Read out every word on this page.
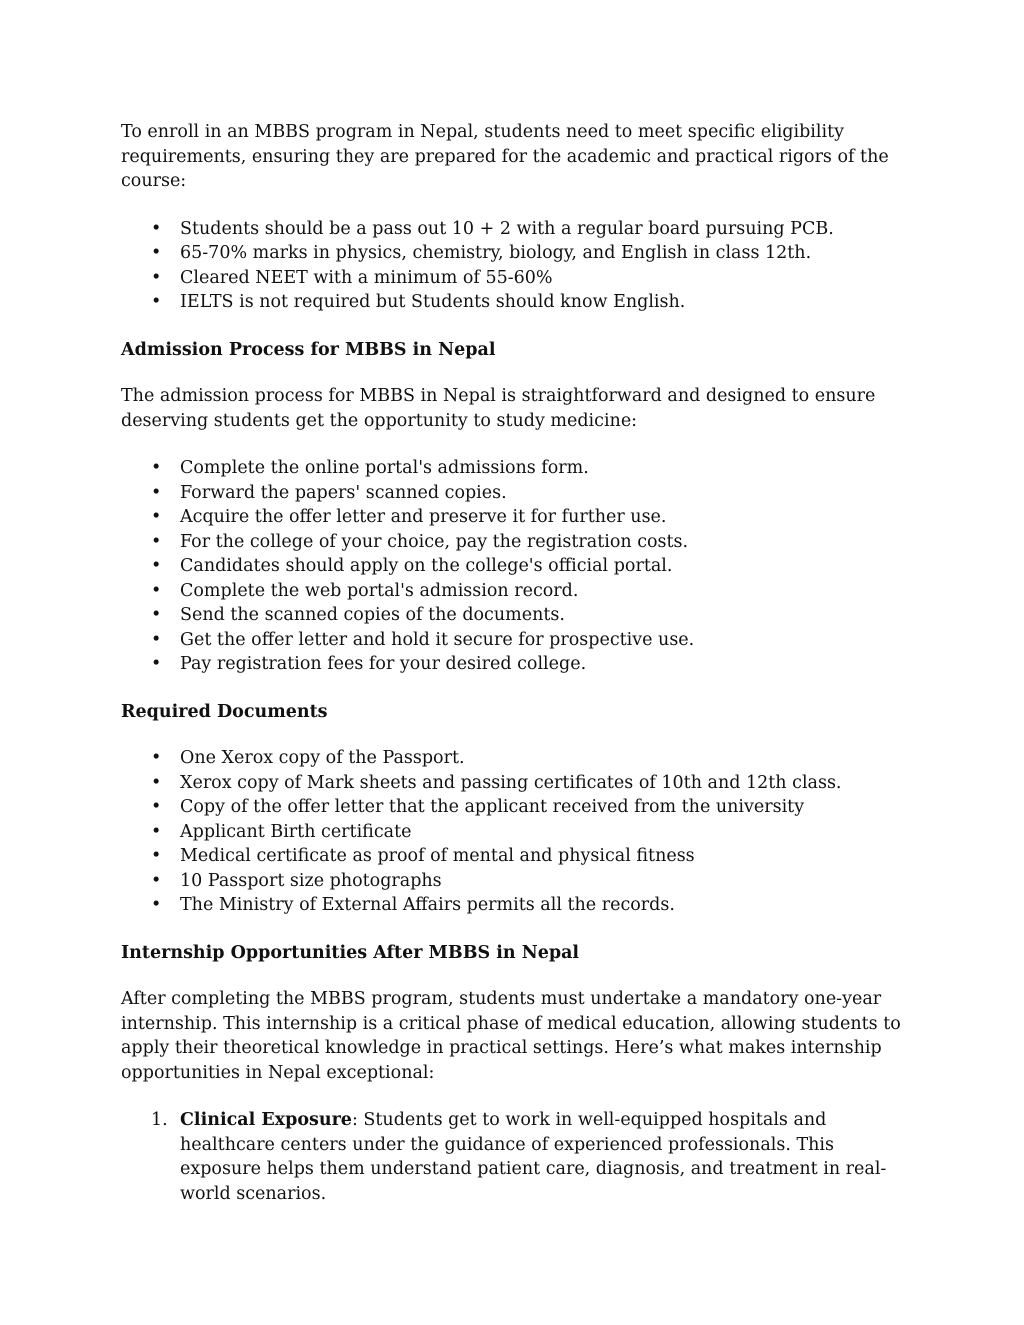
To enroll in an MBBS program in Nepal, students need to meet specific eligibility requirements, ensuring they are prepared for the academic and practical rigors of the course:

• Students should be a pass out 10 + 2 with a regular board pursuing PCB.
• 65-70% marks in physics, chemistry, biology, and English in class 12th.
• Cleared NEET with a minimum of 55-60%
• IELTS is not required but Students should know English.

Admission Process for MBBS in Nepal

The admission process for MBBS in Nepal is straightforward and designed to ensure deserving students get the opportunity to study medicine:

• Complete the online portal's admissions form.
• Forward the papers' scanned copies.
• Acquire the offer letter and preserve it for further use.
• For the college of your choice, pay the registration costs.
• Candidates should apply on the college's official portal.
• Complete the web portal's admission record.
• Send the scanned copies of the documents.
• Get the offer letter and hold it secure for prospective use.
• Pay registration fees for your desired college.

Required Documents

• One Xerox copy of the Passport.
• Xerox copy of Mark sheets and passing certificates of 10th and 12th class.
• Copy of the offer letter that the applicant received from the university
• Applicant Birth certificate
• Medical certificate as proof of mental and physical fitness
• 10 Passport size photographs
• The Ministry of External Affairs permits all the records.

Internship Opportunities After MBBS in Nepal

After completing the MBBS program, students must undertake a mandatory one-year internship. This internship is a critical phase of medical education, allowing students to apply their theoretical knowledge in practical settings. Here’s what makes internship opportunities in Nepal exceptional:

1. Clinical Exposure: Students get to work in well-equipped hospitals and healthcare centers under the guidance of experienced professionals. This exposure helps them understand patient care, diagnosis, and treatment in real-world scenarios.
